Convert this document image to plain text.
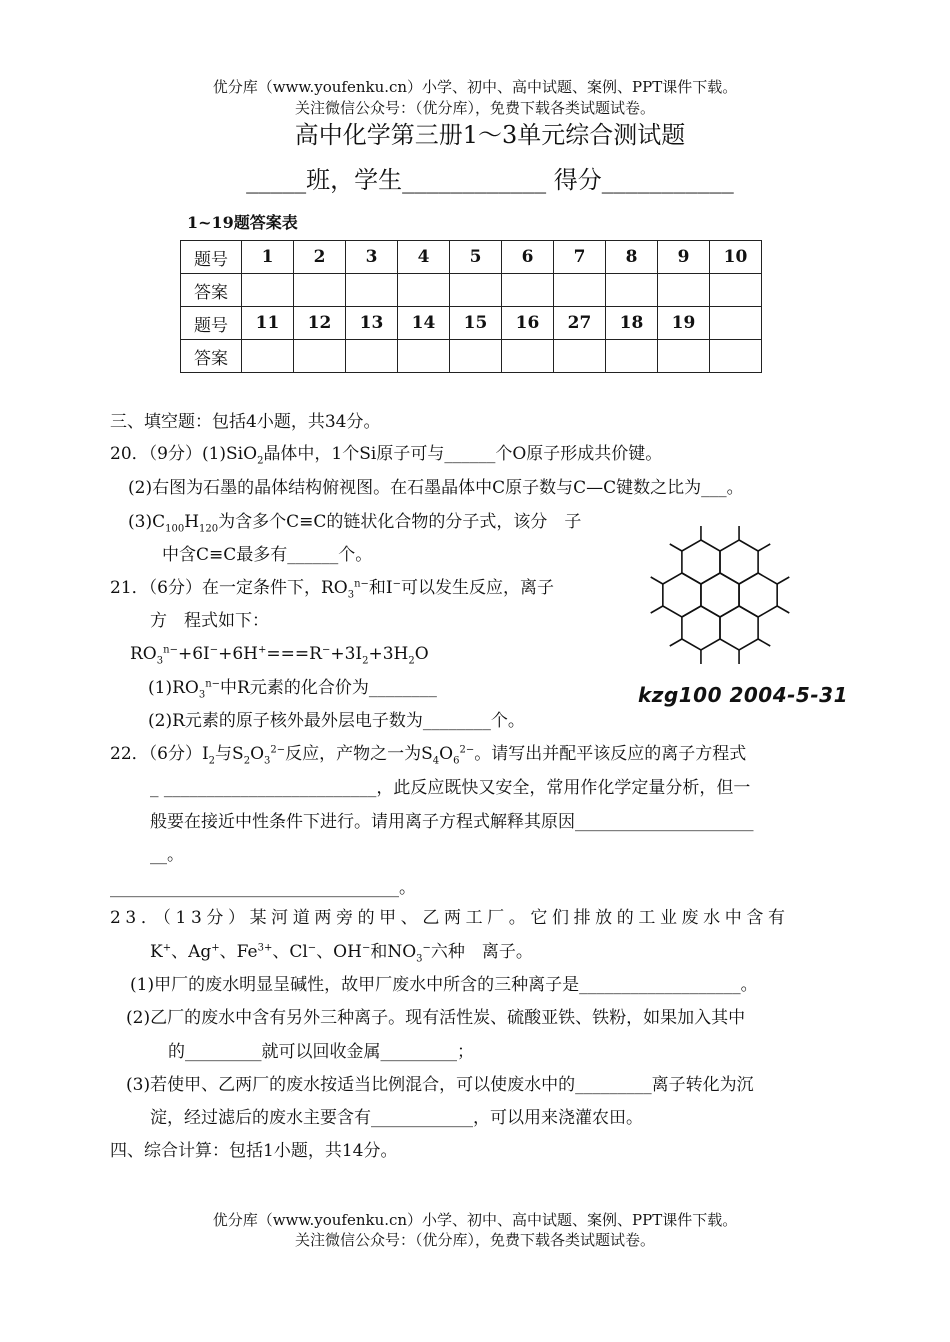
优分库（www.youfenku.cn）小学、初中、高中试题、案例、PPT课件下载。
关注微信公众号：（优分库），免费下载各类试题试卷。
高中化学第三册1～3单元综合测试题
_____班，学生____________ 得分___________
1~19题答案表
题号	1	2	3	4	5	6	7	8	9	10
答案										
题号	11	12	13	14	15	16	27	18	19	
答案										
三、填空题：包括4小题，共34分。
20．（9分）(1)SiO$_2$晶体中，1个Si原子可与______个O原子形成共价键。
(2)右图为石墨的晶体结构俯视图。在石墨晶体中C原子数与C—C键数之比为___。
$(3)C_{100}H_{120}$为含多个C≡C的链状化合物的分子式，该分　子
中含C≡C最多有______个。
21．（6分）在一定条件下，$RO_3^{n-}$和I−可以发生反应，离子
方　程式如下：
$RO_3^{n-}+6I^-+6H^+===R^-+3I_2+3H_2O$
$(1)RO_3^{n-}$中R元素的化合价为________
(2)R元素的原子核外最外层电子数为________个。
kzg100 2004-5-31
22．（6分）$I_2$与$S_2O_3^{2-}$反应，产物之一为$S_4O_6^{2-}$。请写出并配平该反应的离子方程式
_ _________________________，此反应既快又安全，常用作化学定量分析，但一
般要在接近中性条件下进行。请用离子方程式解释其原因_____________________
__。
__________________________________。
23．（13分）某河道两旁的甲、乙两工厂。它们排放的工业废水中含有
K+、Ag+、$Fe^{3+}$、Cl−、OH−和$NO_3^-$六种　离子。
(1)甲厂的废水明显呈碱性，故甲厂废水中所含的三种离子是___________________。
(2)乙厂的废水中含有另外三种离子。现有活性炭、硫酸亚铁、铁粉，如果加入其中
的_________就可以回收金属_________；
(3)若使甲、乙两厂的废水按适当比例混合，可以使废水中的_________离子转化为沉
淀，经过滤后的废水主要含有____________，可以用来浇灌农田。
四、综合计算：包括1小题，共14分。
优分库（www.youfenku.cn）小学、初中、高中试题、案例、PPT课件下载。
关注微信公众号：（优分库），免费下载各类试题试卷。
